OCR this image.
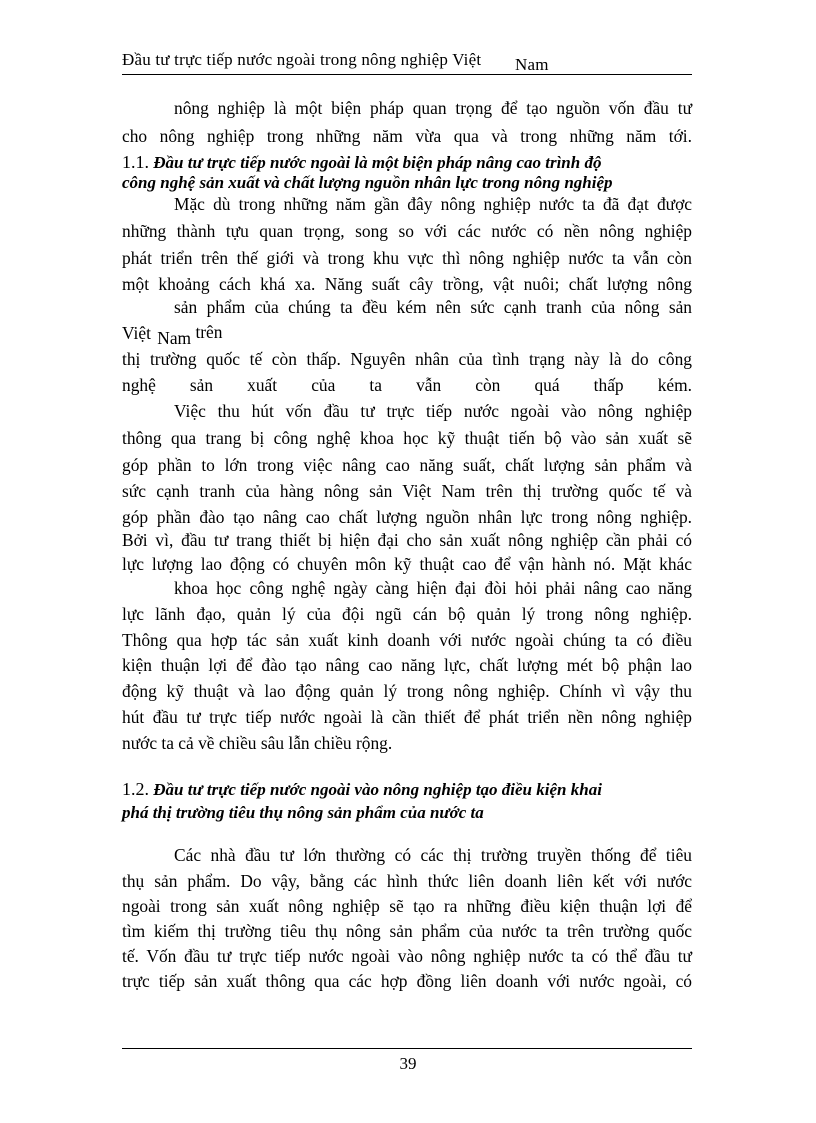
Đầu tư trực tiếp nước ngoài trong nông nghiệp Việt Nam
nông nghiệp là một biện pháp quan trọng để tạo nguồn vốn đầu tư
cho nông nghiệp trong những năm vừa qua và trong những năm tới.
1.1. Đầu tư trực tiếp nước ngoài là một biện pháp nâng cao trình độ
công nghệ sản xuất và chất lượng nguồn nhân lực trong nông nghiệp
Mặc dù trong những năm gần đây nông nghiệp nước ta đã đạt được
những thành tựu quan trọng, song so với các nước có nền nông nghiệp
phát triển trên thế giới và trong khu vực thì nông nghiệp nước ta vẫn còn
một khoảng cách khá xa. Năng suất cây trồng, vật nuôi; chất lượng nông
sản phẩm của chúng ta đều kém nên sức cạnh tranh của nông sản
Việt Nam trên
thị trường quốc tế còn thấp. Nguyên nhân của tình trạng này là do công
nghệ sản xuất của ta vẫn còn quá thấp kém.
Việc thu hút vốn đầu tư trực tiếp nước ngoài vào nông nghiệp
thông qua trang bị công nghệ khoa học kỹ thuật tiến bộ vào sản xuất sẽ
góp phần to lớn trong việc nâng cao năng suất, chất lượng sản phẩm và
sức cạnh tranh của hàng nông sản Việt Nam trên thị trường quốc tế và
góp phần đào tạo nâng cao chất lượng nguồn nhân lực trong nông nghiệp.
Bởi vì, đầu tư trang thiết bị hiện đại cho sản xuất nông nghiệp cần phải có
lực lượng lao động có chuyên môn kỹ thuật cao để vận hành nó. Mặt khác
khoa học công nghệ ngày càng hiện đại đòi hỏi phải nâng cao năng
lực lãnh đạo, quản lý của đội ngũ cán bộ quản lý trong nông nghiệp.
Thông qua hợp tác sản xuất kinh doanh với nước ngoài chúng ta có điều
kiện thuận lợi để đào tạo nâng cao năng lực, chất lượng mét bộ phận lao
động kỹ thuật và lao động quản lý trong nông nghiệp. Chính vì vậy thu
hút đầu tư trực tiếp nước ngoài là cần thiết để phát triển nền nông nghiệp
nước ta cả về chiều sâu lẫn chiều rộng.
1.2. Đầu tư trực tiếp nước ngoài vào nông nghiệp tạo điều kiện khai
phá thị trường tiêu thụ nông sản phẩm của nước ta
Các nhà đầu tư lớn thường có các thị trường truyền thống để tiêu
thụ sản phẩm. Do vậy, bằng các hình thức liên doanh liên kết với nước
ngoài trong sản xuất nông nghiệp sẽ tạo ra những điều kiện thuận lợi để
tìm kiếm thị trường tiêu thụ nông sản phẩm của nước ta trên trường quốc
tế. Vốn đầu tư trực tiếp nước ngoài vào nông nghiệp nước ta có thể đầu tư
trực tiếp sản xuất thông qua các hợp đồng liên doanh với nước ngoài, có
39
